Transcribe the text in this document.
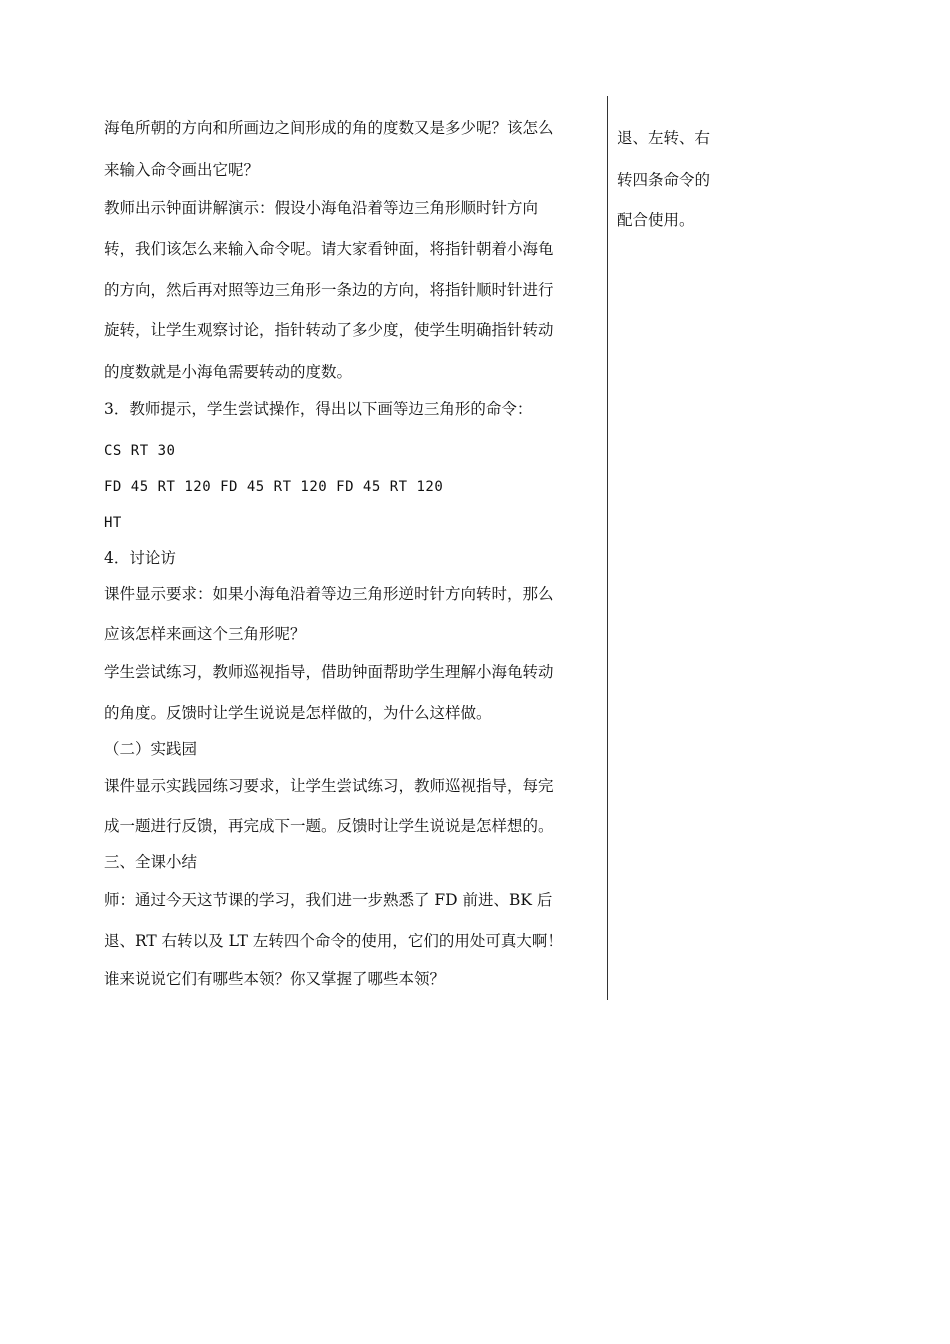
海龟所朝的方向和所画边之间形成的角的度数又是多少呢？该怎么
来输入命令画出它呢？
教师出示钟面讲解演示：假设小海龟沿着等边三角形顺时针方向
转，我们该怎么来输入命令呢。请大家看钟面，将指针朝着小海龟
的方向，然后再对照等边三角形一条边的方向，将指针顺时针进行
旋转，让学生观察讨论，指针转动了多少度，使学生明确指针转动
的度数就是小海龟需要转动的度数。
3．教师提示，学生尝试操作，得出以下画等边三角形的命令：
CS RT 30
FD 45 RT 120 FD 45 RT 120 FD 45 RT 120
HT
4．讨论访
课件显示要求：如果小海龟沿着等边三角形逆时针方向转时，那么
应该怎样来画这个三角形呢？
学生尝试练习，教师巡视指导，借助钟面帮助学生理解小海龟转动
的角度。反馈时让学生说说是怎样做的，为什么这样做。
（二）实践园
课件显示实践园练习要求，让学生尝试练习，教师巡视指导，每完
成一题进行反馈，再完成下一题。反馈时让学生说说是怎样想的。
三、全课小结
师：通过今天这节课的学习，我们进一步熟悉了 FD 前进、BK 后
退、RT 右转以及 LT 左转四个命令的使用，它们的用处可真大啊！
谁来说说它们有哪些本领？你又掌握了哪些本领？
退、左转、右
转四条命令的
配合使用。
